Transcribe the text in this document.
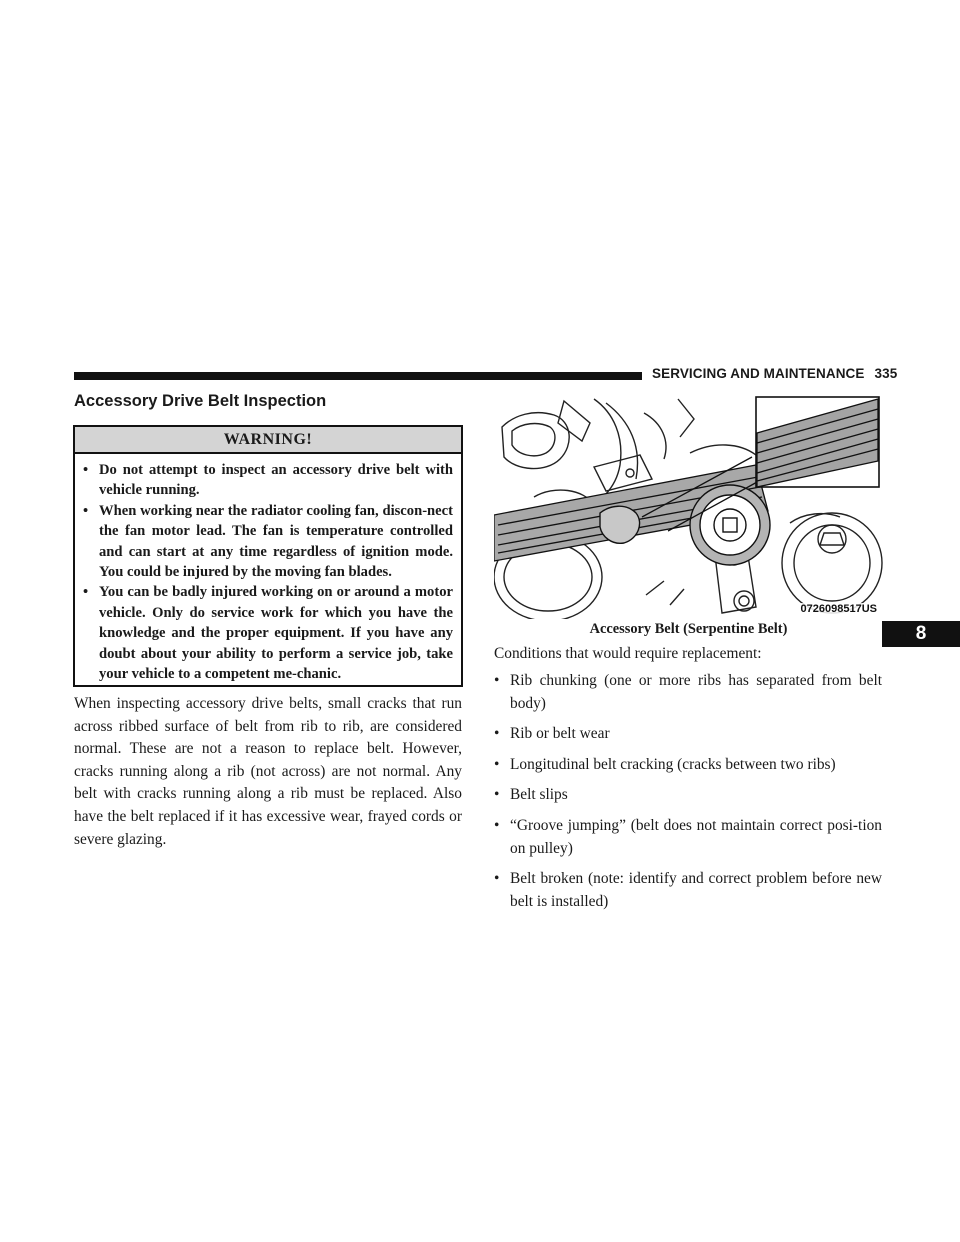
SERVICING AND MAINTENANCE 335
8
Accessory Drive Belt Inspection
WARNING!
• Do not attempt to inspect an accessory drive belt with vehicle running.
• When working near the radiator cooling fan, discon-nect the fan motor lead. The fan is temperature controlled and can start at any time regardless of ignition mode. You could be injured by the moving fan blades.
• You can be badly injured working on or around a motor vehicle. Only do service work for which you have the knowledge and the proper equipment. If you have any doubt about your ability to perform a service job, take your vehicle to a competent me-chanic.

When inspecting accessory drive belts, small cracks that run across ribbed surface of belt from rib to rib, are considered normal. These are not a reason to replace belt. However, cracks running along a rib (not across) are not normal. Any belt with cracks running along a rib must be replaced. Also have the belt replaced if it has excessive wear, frayed cords or severe glazing.

0726098517US
Accessory Belt (Serpentine Belt)

Conditions that would require replacement:

• Rib chunking (one or more ribs has separated from belt body)
• Rib or belt wear
• Longitudinal belt cracking (cracks between two ribs)
• Belt slips
• “Groove jumping” (belt does not maintain correct posi-tion on pulley)
• Belt broken (note: identify and correct problem before new belt is installed)
